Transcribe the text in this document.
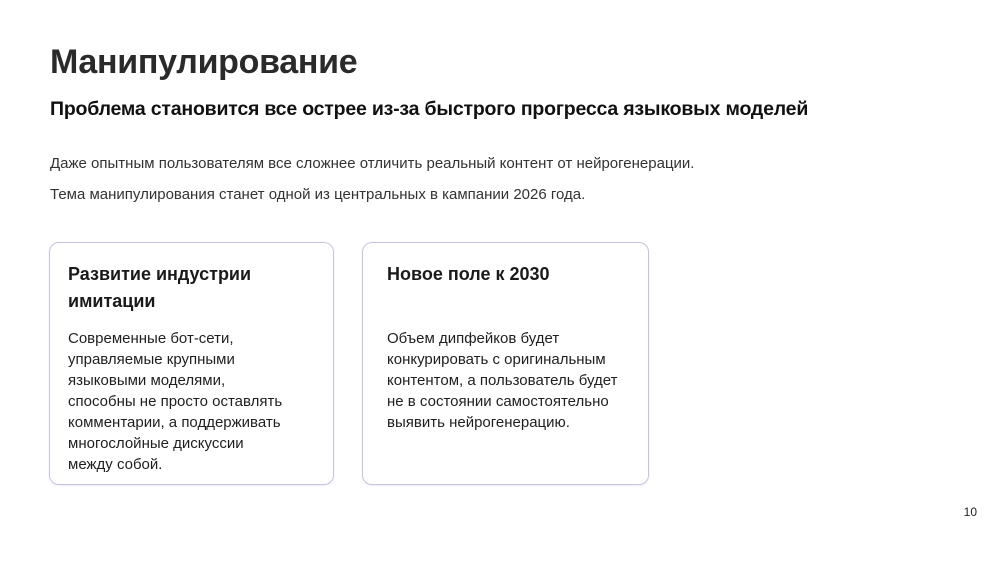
Манипулирование
Проблема становится все острее из-за быстрого прогресса языковых моделей

Даже опытным пользователям все сложнее отличить реальный контент от нейрогенерации.

Тема манипулирования станет одной из центральных в кампании 2026 года.

Развитие индустрии
имитации
Современные бот-сети,
управляемые крупными
языковыми моделями,
способны не просто оставлять
комментарии, а поддерживать
многослойные дискуссии
между собой.
Новое поле к 2030
Объем дипфейков будет
конкурировать с оригинальным
контентом, а пользователь будет
не в состоянии самостоятельно
выявить нейрогенерацию.
10
